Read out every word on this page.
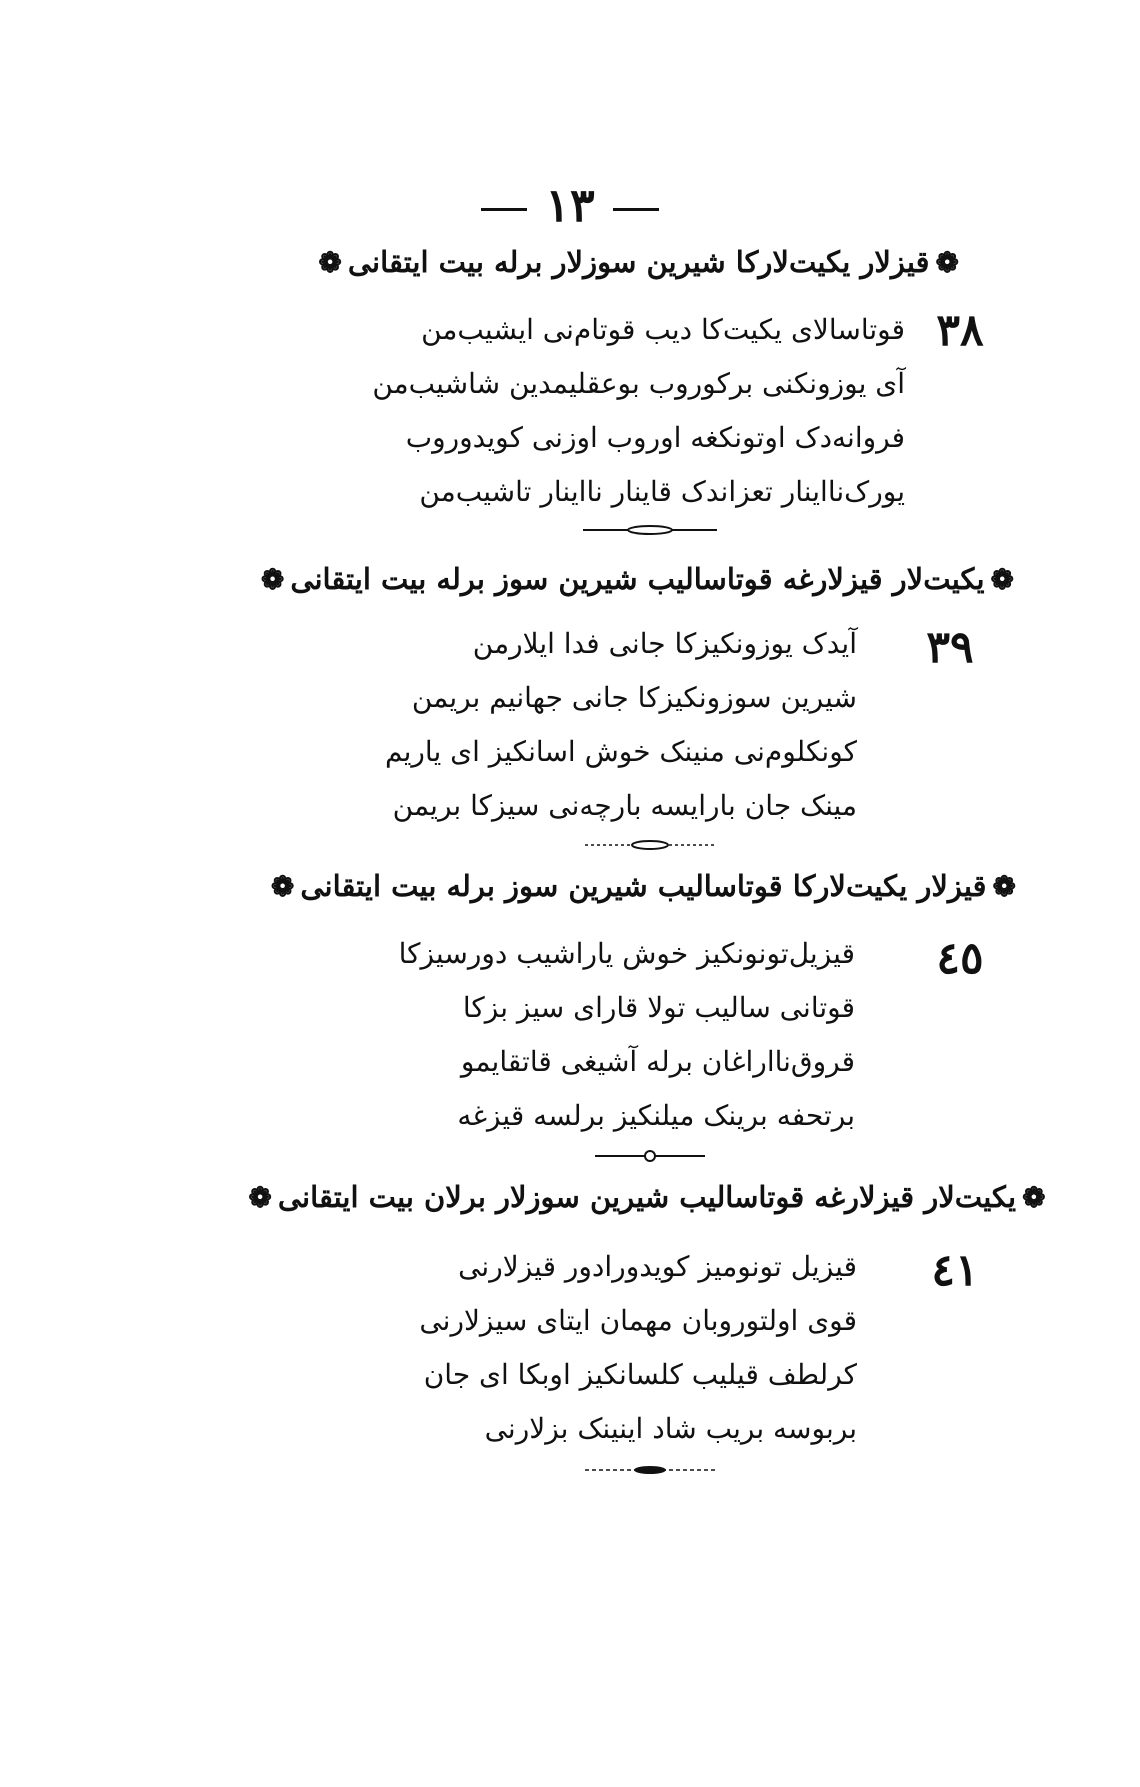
١٣
❁قیزلار یکیت‌لارکا شیرین سوزلار برله بیت ایتقانی❁
٣٨
قوتاسالای یکیت‌کا دیب قوتام‌نی ایشیب‌من
آی یوزونکنی برکوروب بوعقلیمدین شاشیب‌من
فروانه‌دک اوتونکغه اوروب اوزنی کویدوروب
یورک‌نااینار تعزاندک قاینار نااینار تاشیب‌من
❁یکیت‌لار قیزلارغه قوتاسالیب شیرین سوز برله بیت ایتقانی❁
٣٩
آیدک یوزونکیزکا جانی فدا ایلارمن
شیرین سوزونکیزکا جانی جهانیم بریمن
کونکلوم‌نی منینک خوش اسانکیز ای یاریم
مینک جان بارایسه بارچه‌نی سیزکا بریمن
❁قیزلار یکیت‌لارکا قوتاسالیب شیرین سوز برله بیت ایتقانی❁
٤٥
قیزیل‌تونونکیز خوش یاراشیب دورسیزکا
قوتانی سالیب تولا قارای سیز بزکا
قروق‌نااراغان برله آشیغی قاتقایمو
برتحفه برینک میلنکیز برلسه قیزغه
❁یکیت‌لار قیزلارغه قوتاسالیب شیرین سوزلار برلان بیت ایتقانی❁
٤١
قیزیل تونومیز کویدورادور قیزلارنی
قوی اولتوروبان مهمان ایتای سیزلارنی
کرلطف قیلیب کلسانکیز اوبکا ای جان
بربوسه بریب شاد اینینک بزلارنی
